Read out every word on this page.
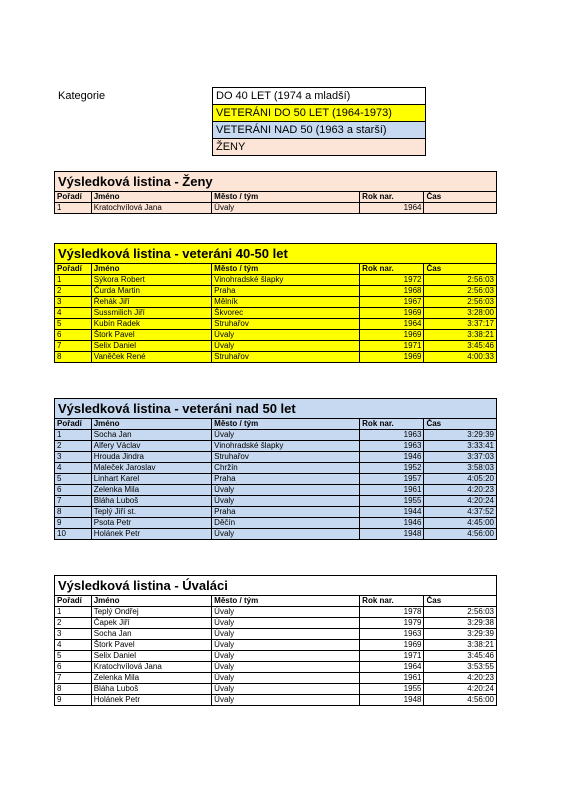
Kategorie	DO 40 LET (1974 a mladší)
VETERÁNI DO 50 LET (1964-1973)
VETERÁNI NAD 50 (1963 a starší)
ŽENY
Výsledková listina - Ženy				
Pořadí	Jméno	Město / tým	Rok nar.	Čas
1	Kratochvílová Jana	Úvaly	1964	
Výsledková listina - veteráni 40-50 let				
Pořadí	Jméno	Město / tým	Rok nar.	Čas
1	Sýkora Robert	Vinohradské šlapky	1972	2:56:03
2	Čurda Martin	Praha	1968	2:56:03
3	Řehák Jiří	Mělník	1967	2:56:03
4	Sussmilich Jiří	Škvorec	1969	3:28:00
5	Kubín Radek	Struhařov	1964	3:37:17
6	Štork Pavel	Úvaly	1969	3:38:21
7	Selix Daniel	Úvaly	1971	3:45:46
8	Vaněček René	Struhařov	1969	4:00:33
Výsledková listina - veteráni nad 50 let				
Pořadí	Jméno	Město / tým	Rok nar.	Čas
1	Socha Jan	Úvaly	1963	3:29:39
2	Alfery Václav	Vinohradské šlapky	1963	3:33:41
3	Hrouda Jindra	Struhařov	1946	3:37:03
4	Maleček Jaroslav	Chržín	1952	3:58:03
5	Linhart Karel	Praha	1957	4:05:20
6	Zelenka Mila	Úvaly	1961	4:20:23
7	Bláha Luboš	Úvaly	1955	4:20:24
8	Teplý Jiří st.	Praha	1944	4:37:52
9	Psota Petr	Děčín	1946	4:45:00
10	Holánek Petr	Úvaly	1948	4:56:00
Výsledková listina - Úvaláci				
Pořadí	Jméno	Město / tým	Rok nar.	Čas
1	Teplý Ondřej	Úvaly	1978	2:56:03
2	Čapek Jiří	Úvaly	1979	3:29:38
3	Socha Jan	Úvaly	1963	3:29:39
4	Štork Pavel	Úvaly	1969	3:38:21
5	Selix Daniel	Úvaly	1971	3:45:46
6	Kratochvílová Jana	Úvaly	1964	3:53:55
7	Zelenka Mila	Úvaly	1961	4:20:23
8	Bláha Luboš	Úvaly	1955	4:20:24
9	Holánek Petr	Úvaly	1948	4:56:00
